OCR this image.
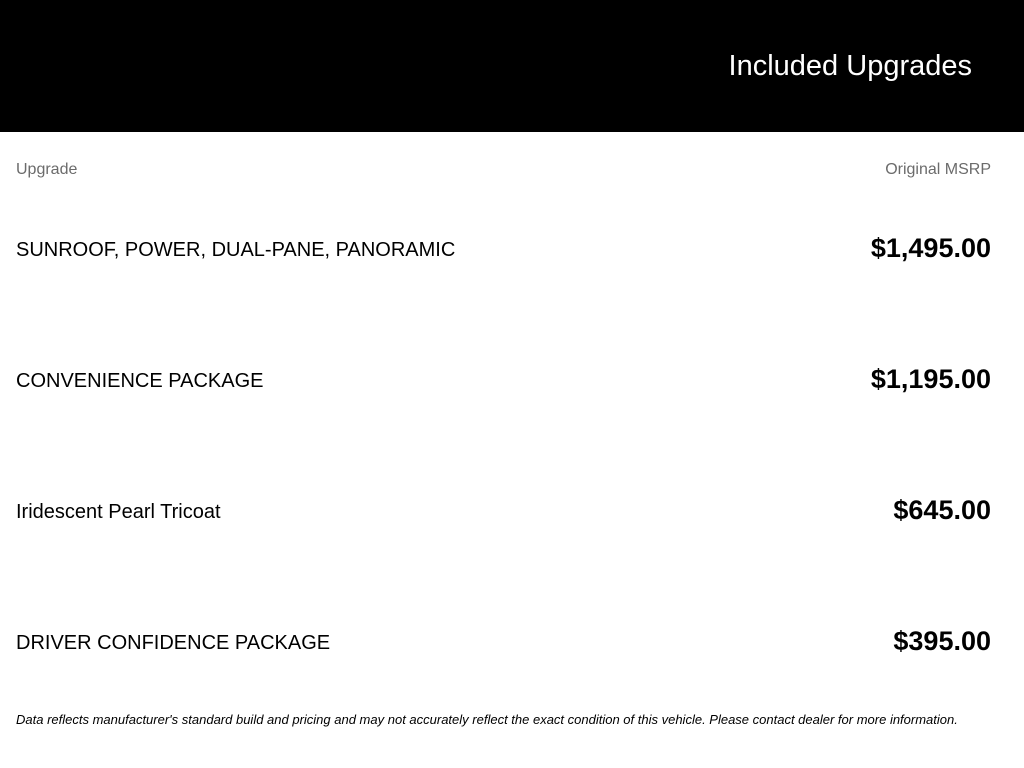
Included Upgrades
Upgrade	Original MSRP
SUNROOF, POWER, DUAL-PANE, PANORAMIC	$1,495.00
CONVENIENCE PACKAGE	$1,195.00
Iridescent Pearl Tricoat	$645.00
DRIVER CONFIDENCE PACKAGE	$395.00
Data reflects manufacturer's standard build and pricing and may not accurately reflect the exact condition of this vehicle. Please contact dealer for more information.
